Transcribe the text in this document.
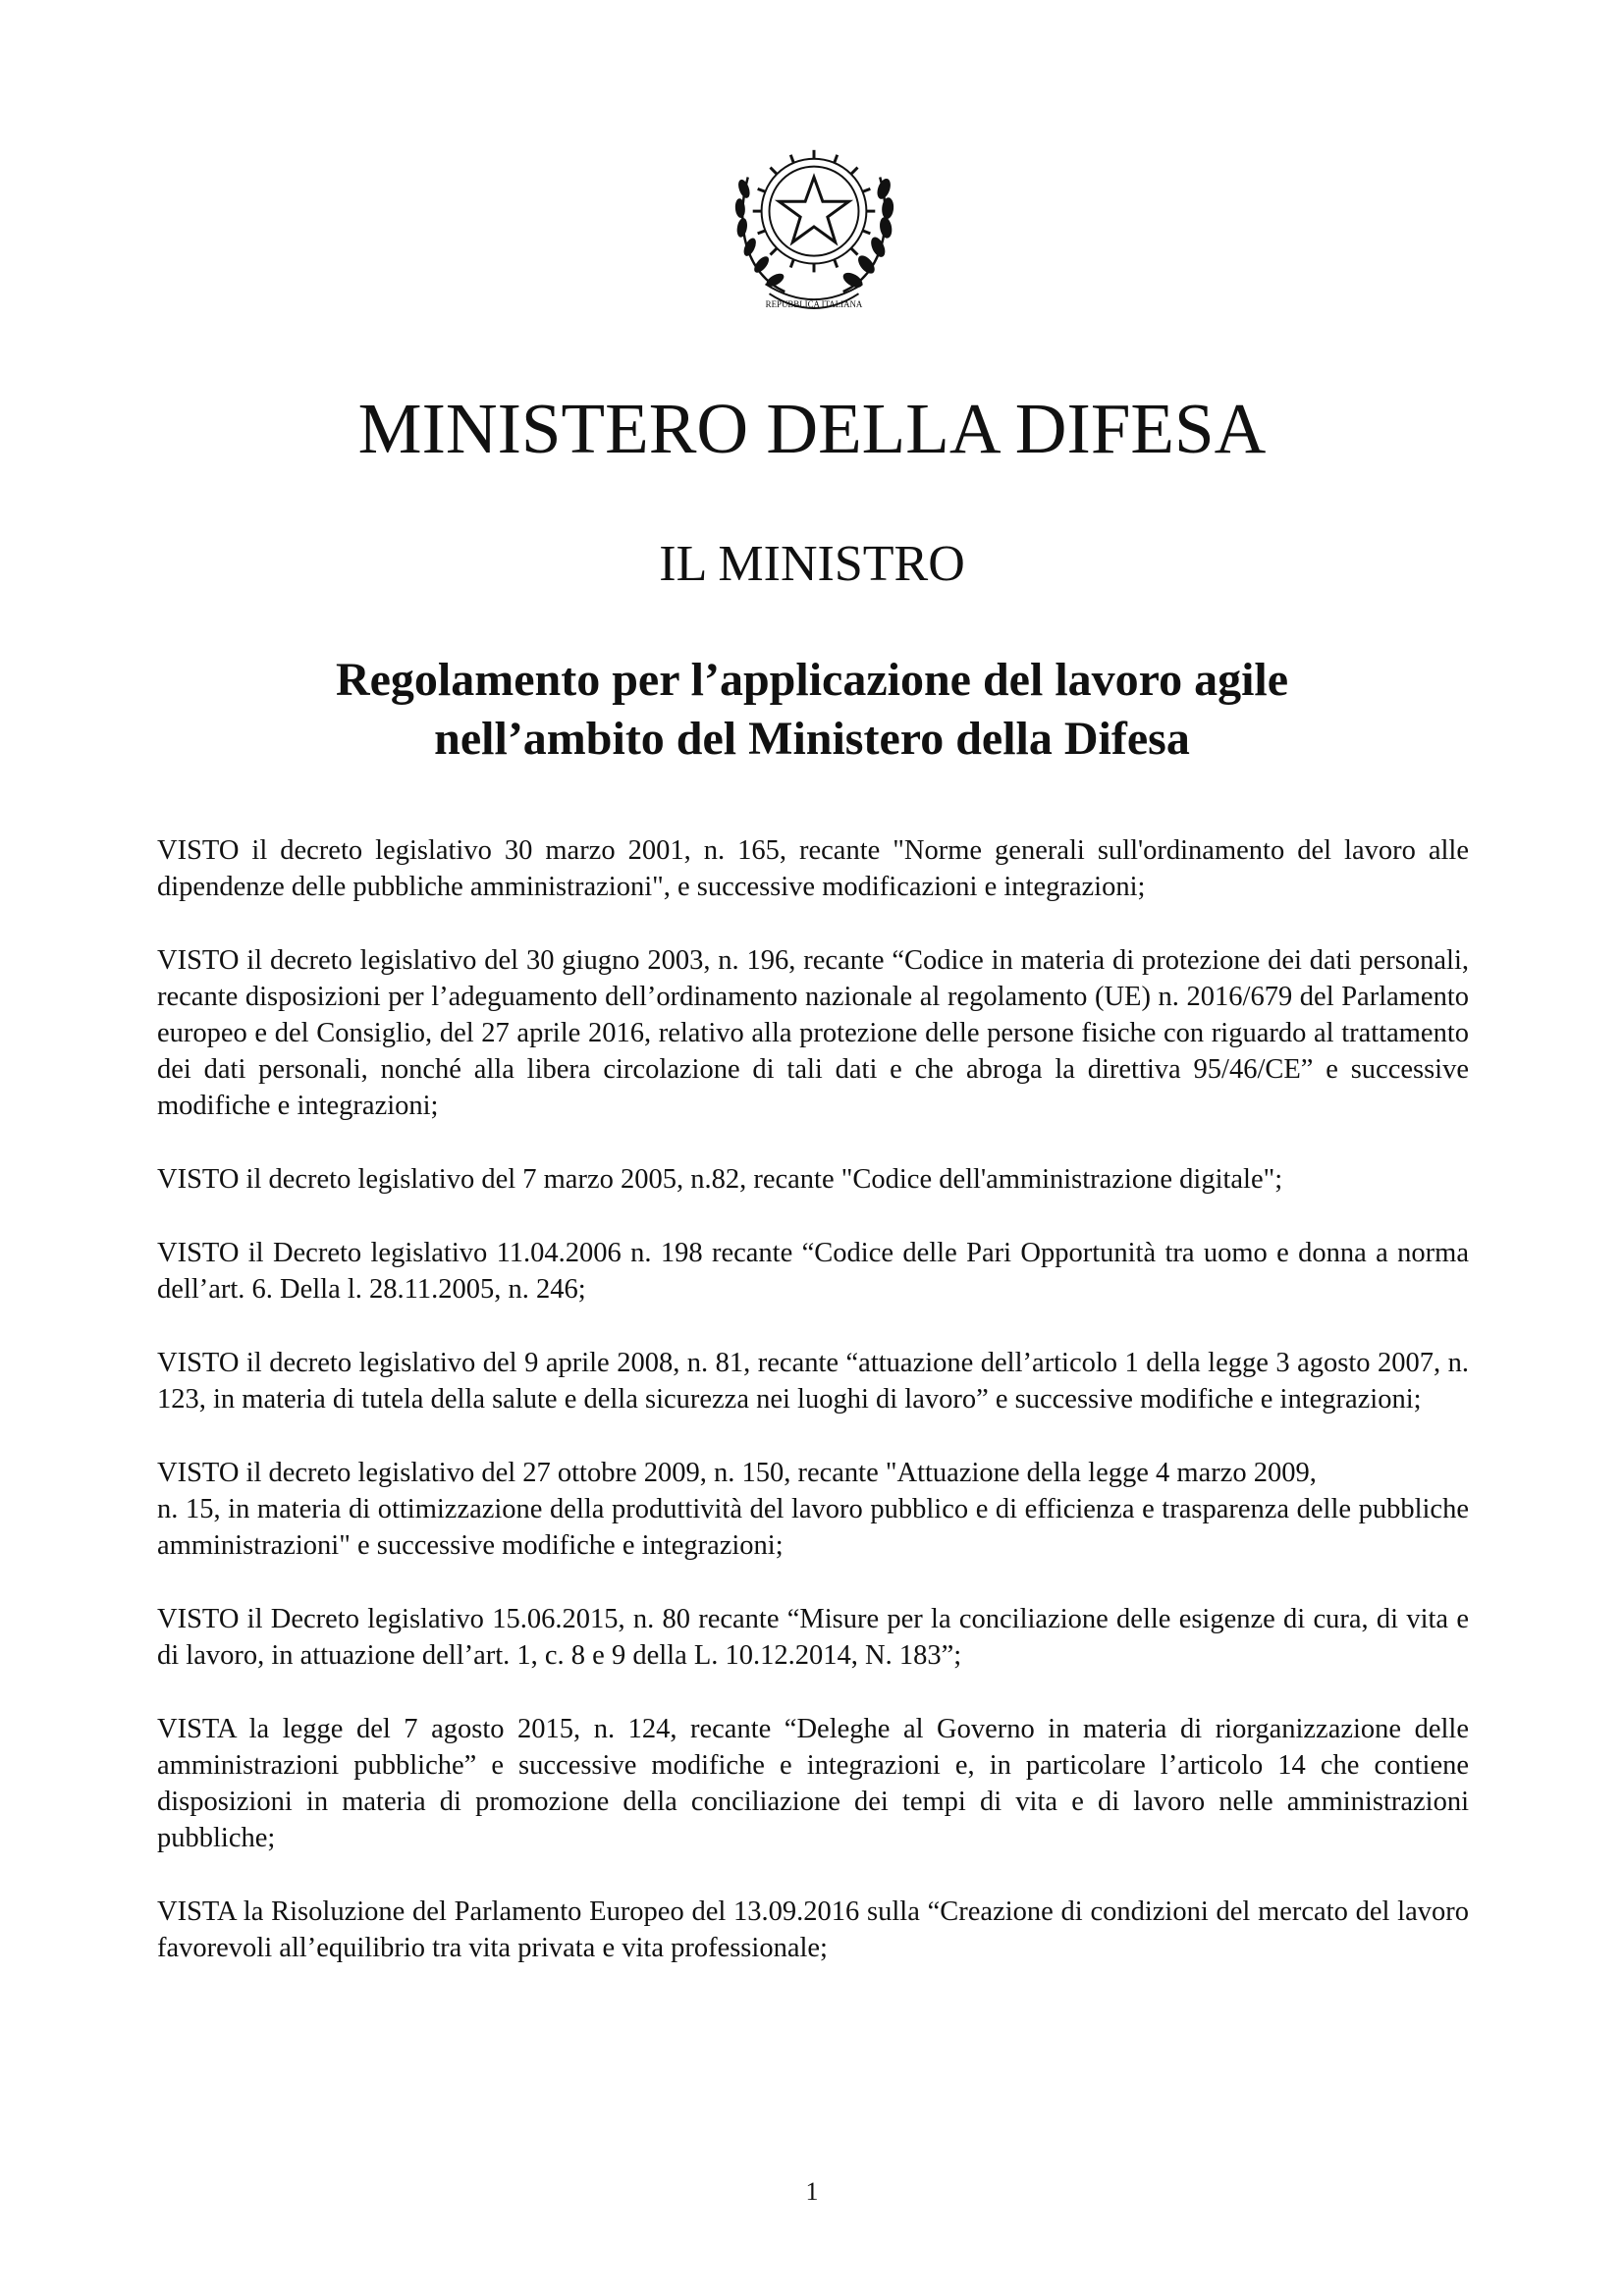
REPUBBLICA ITALIANA
MINISTERO DELLA DIFESA
IL MINISTRO
Regolamento per l’applicazione del lavoro agile
nell’ambito del Ministero della Difesa

VISTO il decreto legislativo 30 marzo 2001, n. 165, recante "Norme generali sull'ordinamento del lavoro alle dipendenze delle pubbliche amministrazioni", e successive modificazioni e integrazioni;

VISTO il decreto legislativo del 30 giugno 2003, n. 196, recante “Codice in materia di protezione dei dati personali, recante disposizioni per l’adeguamento dell’ordinamento nazionale al regolamento (UE) n. 2016/679 del Parlamento europeo e del Consiglio, del 27 aprile 2016, relativo alla protezione delle persone fisiche con riguardo al trattamento dei dati personali, nonché alla libera circolazione di tali dati e che abroga la direttiva 95/46/CE” e successive modifiche e integrazioni;

VISTO il decreto legislativo del 7 marzo 2005, n.82, recante "Codice dell'amministrazione digitale";

VISTO il Decreto legislativo 11.04.2006 n. 198 recante “Codice delle Pari Opportunità tra uomo e donna a norma dell’art. 6. Della l. 28.11.2005, n. 246;

VISTO il decreto legislativo del 9 aprile 2008, n. 81, recante “attuazione dell’articolo 1 della legge 3 agosto 2007, n. 123, in materia di tutela della salute e della sicurezza nei luoghi di lavoro” e successive modifiche e integrazioni;

VISTO il decreto legislativo del 27 ottobre 2009, n. 150, recante "Attuazione della legge 4 marzo 2009,
n. 15, in materia di ottimizzazione della produttività del lavoro pubblico e di efficienza e trasparenza delle pubbliche amministrazioni" e successive modifiche e integrazioni;

VISTO il Decreto legislativo 15.06.2015, n. 80 recante “Misure per la conciliazione delle esigenze di cura, di vita e di lavoro, in attuazione dell’art. 1, c. 8 e 9 della L. 10.12.2014, N. 183”;

VISTA la legge del 7 agosto 2015, n. 124, recante “Deleghe al Governo in materia di riorganizzazione delle amministrazioni pubbliche” e successive modifiche e integrazioni e, in particolare l’articolo 14 che contiene disposizioni in materia di promozione della conciliazione dei tempi di vita e di lavoro nelle amministrazioni pubbliche;

VISTA la Risoluzione del Parlamento Europeo del 13.09.2016 sulla “Creazione di condizioni del mercato del lavoro favorevoli all’equilibrio tra vita privata e vita professionale;

1
